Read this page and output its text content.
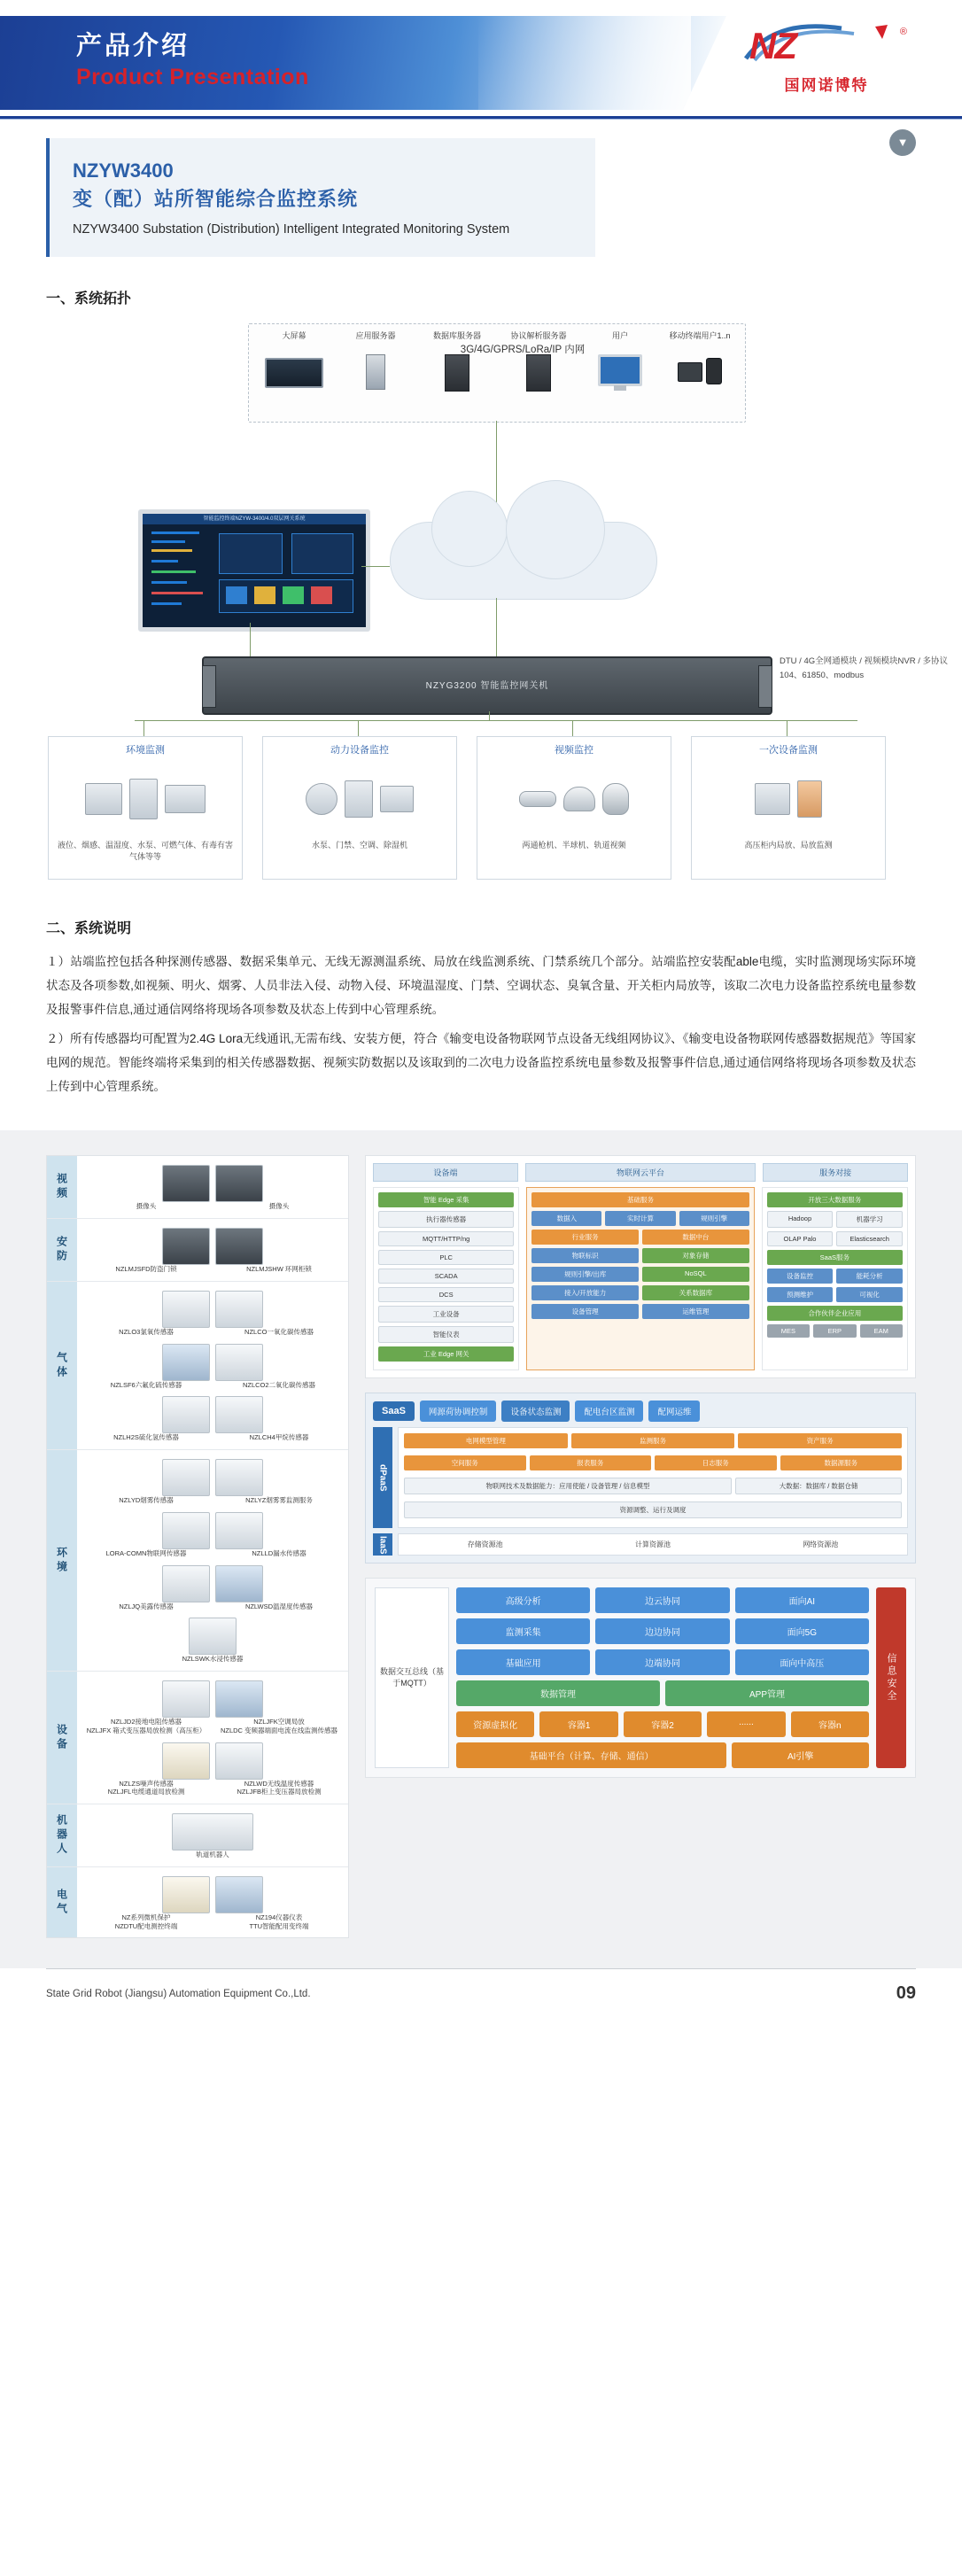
产品介绍
Product Presentation
NZ	®
国网诺博特
▼
NZYW3400
变（配）站所智能综合监控系统
NZYW3400 Substation (Distribution) Intelligent Integrated Monitoring System
一、系统拓扑
大屏幕	应用服务器	数据库服务器	协议解析服务器	用户	移动终端用户1..n
3G/4G/GPRS/LoRa/IP 内网
智能监控终端NZYW-3400/4.0双层网关系统
NZYG3200 智能监控网关机
DTU / 4G全网通模块 / 视频模块NVR / 多协议 104、61850、modbus
环境监测
液位、烟感、温湿度、水泵、可燃气体、有毒有害气体等等
动力设备监控
水泵、门禁、空调、除湿机
视频监控
两通枪机、半球机、轨道视频
一次设备监测
高压柜内局放、局放监测
二、系统说明

１）站端监控包括各种探测传感器、数据采集单元、无线无源测温系统、局放在线监测系统、门禁系统几个部分。站端监控安装配able电缆，实时监测现场实际环境状态及各项参数,如视频、明火、烟雾、人员非法入侵、动物入侵、环境温湿度、门禁、空调状态、臭氧含量、开关柜内局放等，该取二次电力设备监控系统电量参数及报警事件信息,通过通信网络将现场各项参数及状态上传到中心管理系统。

２）所有传感器均可配置为2.4G Lora无线通讯,无需布线、安装方便，符合《输变电设备物联网节点设备无线组网协议》、《输变电设备物联网传感器数据规范》等国家电网的规范。智能终端将采集到的相关传感器数据、视频实防数据以及该取到的二次电力设备监控系统电量参数及报警事件信息,通过通信网络将现场各项参数及状态上传到中心管理系统。

视频
摄像头	摄像头
安防
NZLMJSFD防盗门锁	NZLMJSHW 环网柜锁
气体
NZLO3氯氧传感器	NZLCO一氧化碳传感器
NZLSF6六氟化硫传感器	NZLCO2二氧化碳传感器
NZLH2S硫化氢传感器	NZLCH4甲烷传感器
环境
NZLYD烟雾传感器	NZLYZ烟雾雾监测服务
LORA-COMN物联网传感器	NZLLD漏水传感器
NZLJQ美露传感器	NZLWSD温湿度传感器
NZLSWK水浸传感器
设备
NZLJD2接地电阻传感器	NZLJFK空调局放
NZLJFX 箱式变压器局放检测（高压柜）	NZLDC 变频器端面电流在线监测传感器
NZLZS噪声传感器	NZLWD无线温度传感器
NZLJFL电缆通道局放检测	NZLJFB柜上变压器局放检测
机器人	轨道机器人
电气
NZ系列微机保护	NZ194仪器仪表
NZDTU配电测控终端	TTU智能配用变终端
设备端	物联网云平台	服务对接
智能 Edge 采集
执行器传感器
MQTT/HTTP/ng
PLC
SCADA
DCS
工业设备
智能仪表
工业 Edge 网关
基础服务
数据入	实时计算	规则引擎
行业服务	数据中台
物联标识	对象存储
规则引擎/出库	NoSQL
接入/开放能力	关系数据库
设备管理	运维管理
开放三大数据服务
Hadoop	机器学习
OLAP Palo	Elasticsearch
SaaS服务
设备监控	能耗分析
预测维护	可视化
合作伙伴企业应用
MES	ERP	EAM
SaaS	网源荷协调控制	设备状态监测	配电台区监测	配网运维
dPaaS
电网模型管理	监测服务	资产服务
空间服务	报表服务	日志服务	数据源服务
物联网技术及数据能力：应用使能 / 设备管理 / 信息模型	大数据：数据库 / 数据仓储
资源调整、运行及调度
IaaS	存储资源池	计算资源池	网络资源池
数据交互总线（基于MQTT）
高级分析	边云协同	面向AI
监测采集	边边协同	面向5G
基础应用	边端协同	面向中高压
数据管理	APP管理
资源虚拟化	容器1	容器2	......	容器n
基础平台（计算、存储、通信）	AI引擎
信息安全
State Grid Robot (Jiangsu) Automation Equipment Co.,Ltd.	09
